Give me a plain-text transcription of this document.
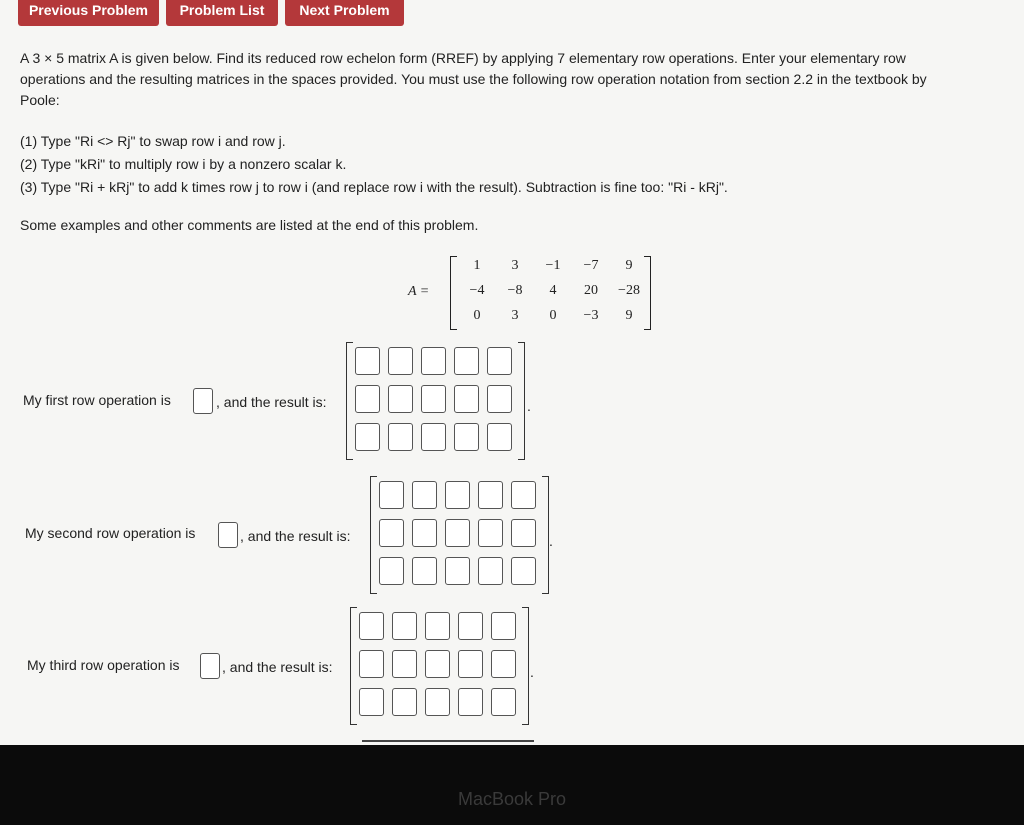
Previous Problem	Problem List	Next Problem

A 3 × 5 matrix A is given below. Find its reduced row echelon form (RREF) by applying 7 elementary row operations. Enter your elementary row

operations and the resulting matrices in the spaces provided. You must use the following row operation notation from section 2.2 in the textbook by

Poole:

(1) Type "Ri <> Rj" to swap row i and row j.
(2) Type "kRi" to multiply row i by a nonzero scalar k.
(3) Type "Ri + kRj" to add k times row j to row i (and replace row i with the result). Subtraction is fine too: "Ri - kRj".
Some examples and other comments are listed at the end of this problem.
A =
1	3	−1	−7	9
−4	−8	4	20	−28
0	3	0	−3	9
My first row operation is	, and the result is:	.
My second row operation is	, and the result is:	.
My third row operation is	, and the result is:	.
MacBook Pro
